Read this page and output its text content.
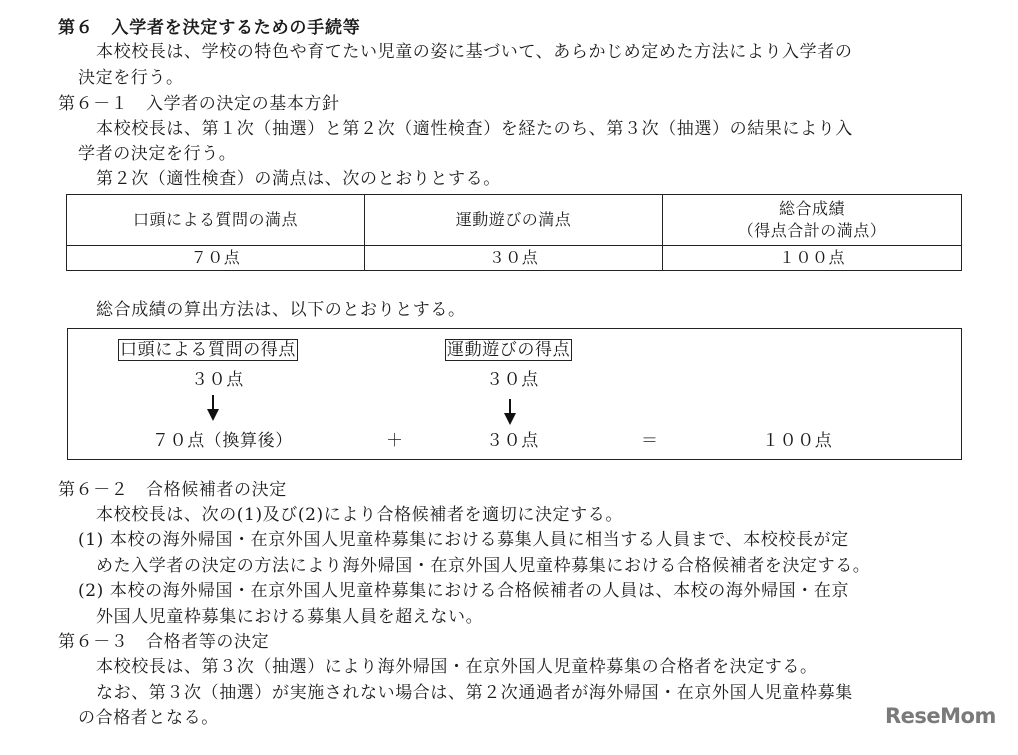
第６　入学者を決定するための手続等
本校校長は、学校の特色や育てたい児童の姿に基づいて、あらかじめ定めた方法により入学者の
決定を行う。
第６－１　入学者の決定の基本方針
本校校長は、第１次（抽選）と第２次（適性検査）を経たのち、第３次（抽選）の結果により入
学者の決定を行う。
第２次（適性検査）の満点は、次のとおりとする。
口頭による質問の満点	運動遊びの満点	総合成績
（得点合計の満点）

７０点	３０点	１００点
総合成績の算出方法は、以下のとおりとする。
口頭による質問の得点	運動遊びの得点
３０点	３０点
７０点（換算後）	＋	３０点	＝	１００点
第６－２　合格候補者の決定
本校校長は、次の(1)及び(2)により合格候補者を適切に決定する。
(1) 本校の海外帰国・在京外国人児童枠募集における募集人員に相当する人員まで、本校校長が定
めた入学者の決定の方法により海外帰国・在京外国人児童枠募集における合格候補者を決定する。
(2) 本校の海外帰国・在京外国人児童枠募集における合格候補者の人員は、本校の海外帰国・在京
外国人児童枠募集における募集人員を超えない。
第６－３　合格者等の決定
本校校長は、第３次（抽選）により海外帰国・在京外国人児童枠募集の合格者を決定する。
なお、第３次（抽選）が実施されない場合は、第２次通過者が海外帰国・在京外国人児童枠募集
の合格者となる。	ReseMom
